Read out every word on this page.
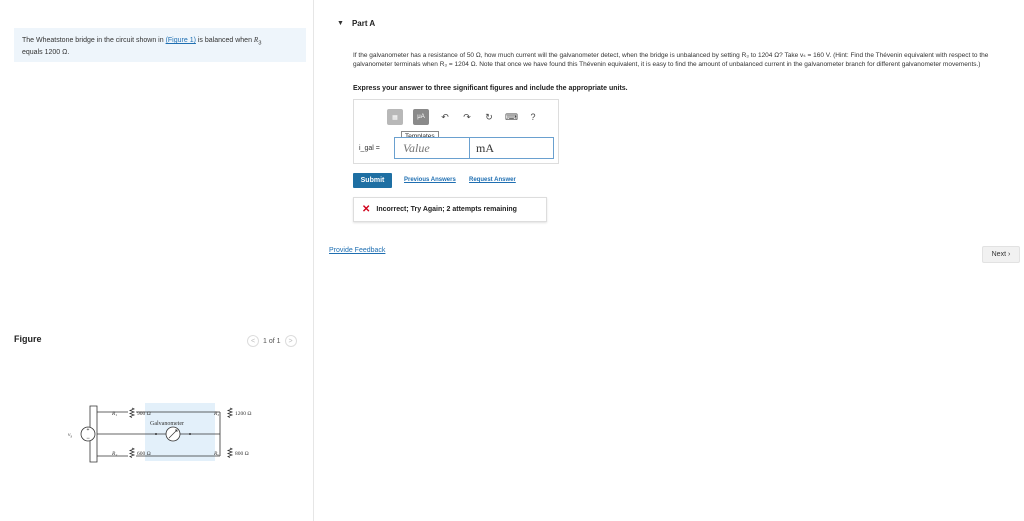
The Wheatstone bridge in the circuit shown in (Figure 1) is balanced when $R_3$
equals 1200 Ω.
Figure	<	1 of 1	>
+
−
$v_s$
R₁	900 Ω
R₂	600 Ω
R₃	1200 Ω
Rₓ	800 Ω
Galvanometer
▼ Part A
If the galvanometer has a resistance of 50 Ω, how much current will the galvanometer detect, when the bridge is unbalanced by setting R₃ to 1204 Ω? Take vₛ = 160 V. (Hint: Find the Thévenin equivalent with respect to the galvanometer terminals when R₃ = 1204 Ω. Note that once we have found this Thévenin equivalent, it is easy to find the amount of unbalanced current in the galvanometer branch for different galvanometer movements.)
Express your answer to three significant figures and include the appropriate units.
▦	μA	↶ ↷ ↻ ⌨	?
i_gal =
Value
mA
Submit	Previous Answers Request Answer
✕ Incorrect; Try Again; 2 attempts remaining
Provide Feedback
Next ›
